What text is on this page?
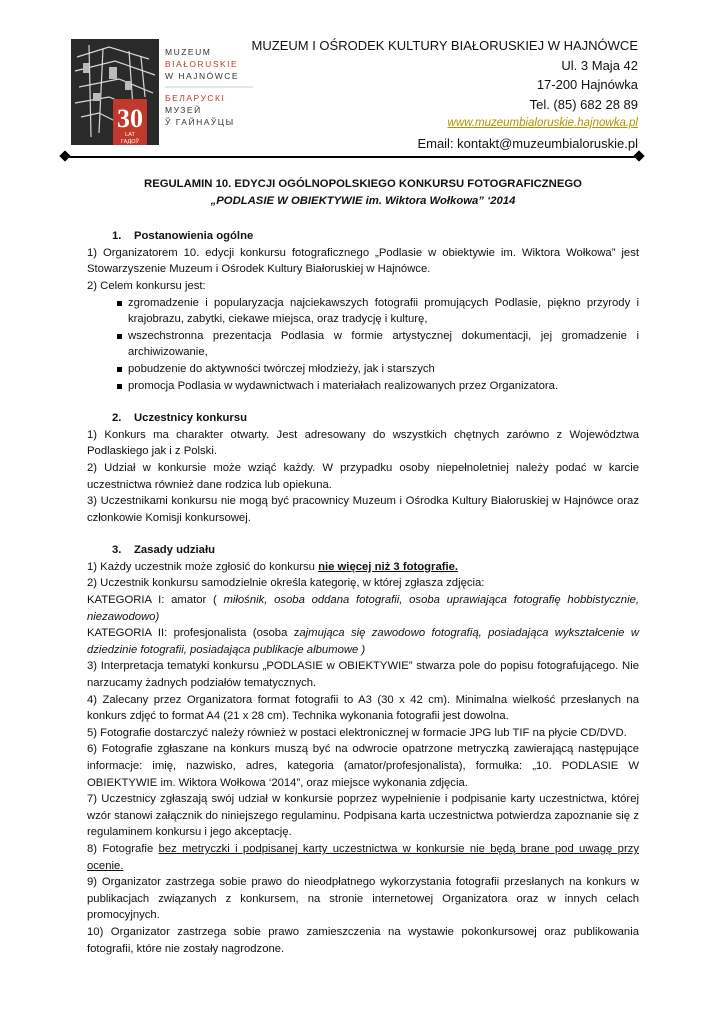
30
LAT
ГАДОЎ
MUZEUM
BIAŁORUSKIE
W HAJNÓWCE
БЕЛАРУСКІ
МУЗЕЙ
Ў ГАЙНАЎЦЫ
MUZEUM I OŚRODEK KULTURY BIAŁORUSKIEJ W HAJNÓWCE
Ul. 3 Maja 42
17-200 Hajnówka
Tel. (85) 682 28 89
www.muzeumbialoruskie.hajnowka.pl
Email: kontakt@muzeumbialoruskie.pl

REGULAMIN 10. EDYCJI OGÓLNOPOLSKIEGO KONKURSU FOTOGRAFICZNEGO

„PODLASIE W OBIEKTYWIE im. Wiktora Wołkowa” ‘2014

1. Postanowienia ogólne

1) Organizatorem 10. edycji konkursu fotograficznego „Podlasie w obiektywie im. Wiktora Wołkowa” jest Stowarzyszenie Muzeum i Ośrodek Kultury Białoruskiej w Hajnówce.

2) Celem konkursu jest:

zgromadzenie i popularyzacja najciekawszych fotografii promujących Podlasie, piękno przyrody i krajobrazu, zabytki, ciekawe miejsca, oraz tradycję i kulturę,
wszechstronna prezentacja Podlasia w formie artystycznej dokumentacji, jej gromadzenie i archiwizowanie,
pobudzenie do aktywności twórczej młodzieży, jak i starszych
promocja Podlasia w wydawnictwach i materiałach realizowanych przez Organizatora.
2. Uczestnicy konkursu

1) Konkurs ma charakter otwarty. Jest adresowany do wszystkich chętnych zarówno z Województwa Podlaskiego jak i z Polski.

2) Udział w konkursie może wziąć każdy. W przypadku osoby niepełnoletniej należy podać w karcie uczestnictwa również dane rodzica lub opiekuna.

3) Uczestnikami konkursu nie mogą być pracownicy Muzeum i Ośrodka Kultury Białoruskiej w Hajnówce oraz członkowie Komisji konkursowej.

3. Zasady udziału

1) Każdy uczestnik może zgłosić do konkursu nie więcej niż 3 fotografie.

2) Uczestnik konkursu samodzielnie określa kategorię, w której zgłasza zdjęcia:

KATEGORIA I: amator ( miłośnik, osoba oddana fotografii, osoba uprawiająca fotografię hobbistycznie, niezawodowo)

KATEGORIA II: profesjonalista (osoba zajmująca się zawodowo fotografią, posiadająca wykształcenie w dziedzinie fotografii, posiadająca publikacje albumowe )

3) Interpretacja tematyki konkursu „PODLASIE w OBIEKTYWIE” stwarza pole do popisu fotografującego. Nie narzucamy żadnych podziałów tematycznych.

4) Zalecany przez Organizatora format fotografii to A3 (30 x 42 cm). Minimalna wielkość przesłanych na konkurs zdjęć to format A4 (21 x 28 cm). Technika wykonania fotografii jest dowolna.

5) Fotografie dostarczyć należy również w postaci elektronicznej w formacie JPG lub TIF na płycie CD/DVD.

6) Fotografie zgłaszane na konkurs muszą być na odwrocie opatrzone metryczką zawierającą następujące informacje: imię, nazwisko, adres, kategoria (amator/profesjonalista), formułka: „10. PODLASIE W OBIEKTYWIE im. Wiktora Wołkowa ‘2014”, oraz miejsce wykonania zdjęcia.

7) Uczestnicy zgłaszają swój udział w konkursie poprzez wypełnienie i podpisanie karty uczestnictwa, której wzór stanowi załącznik do niniejszego regulaminu. Podpisana karta uczestnictwa potwierdza zapoznanie się z regulaminem konkursu i jego akceptację.

8) Fotografie bez metryczki i podpisanej karty uczestnictwa w konkursie nie będą brane pod uwagę przy ocenie.

9) Organizator zastrzega sobie prawo do nieodpłatnego wykorzystania fotografii przesłanych na konkurs w publikacjach związanych z konkursem, na stronie internetowej Organizatora oraz w innych celach promocyjnych.

10) Organizator zastrzega sobie prawo zamieszczenia na wystawie pokonkursowej oraz publikowania fotografii, które nie zostały nagrodzone.
